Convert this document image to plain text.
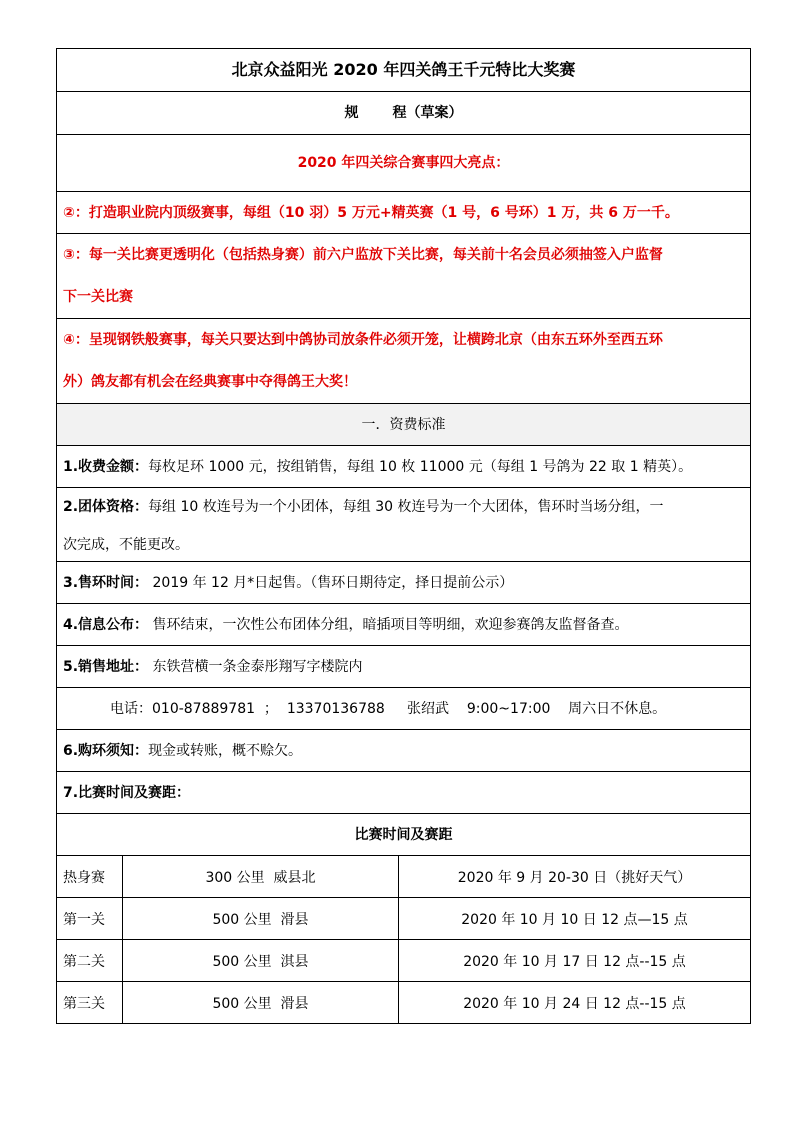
北京众益阳光 2020 年四关鸽王千元特比大奖赛
规 程（草案）
2020 年四关综合赛事四大亮点：
②：打造职业院内顶级赛事，每组（10 羽）5 万元+精英赛（1 号，6 号环）1 万，共 6 万一千。
③：每一关比赛更透明化（包括热身赛）前六户监放下关比赛，每关前十名会员必须抽签入户监督
下一关比赛
④：呈现钢铁般赛事，每关只要达到中鸽协司放条件必须开笼，让横跨北京（由东五环外至西五环
外）鸽友都有机会在经典赛事中夺得鸽王大奖！
一．资费标准
1.收费金额： 每枚足环 1000 元，按组销售，每组 10 枚 11000 元（每组 1 号鸽为 22 取 1 精英）。
2.团体资格：每组 10 枚连号为一个小团体，每组 30 枚连号为一个大团体，售环时当场分组，一
次完成，不能更改。
3.售环时间： 2019 年 12 月*日起售。（售环日期待定，择日提前公示）
4.信息公布： 售环结束，一次性公布团体分组，暗插项目等明细，欢迎参赛鸽友监督备查。
5.销售地址： 东铁营横一条金泰彤翔写字楼院内
电话：010-87889781  ；  13370136788     张绍武    9:00~17:00    周六日不休息。
6.购环须知： 现金或转账，概不赊欠。
7.比赛时间及赛距：
比赛时间及赛距
热身赛	300 公里  威县北	2020 年 9 月 20-30 日（挑好天气）
第一关	500 公里  滑县	2020 年 10 月 10 日 12 点—15 点
第二关	500 公里  淇县	2020 年 10 月 17 日 12 点--15 点
第三关	500 公里  滑县	2020 年 10 月 24 日 12 点--15 点
